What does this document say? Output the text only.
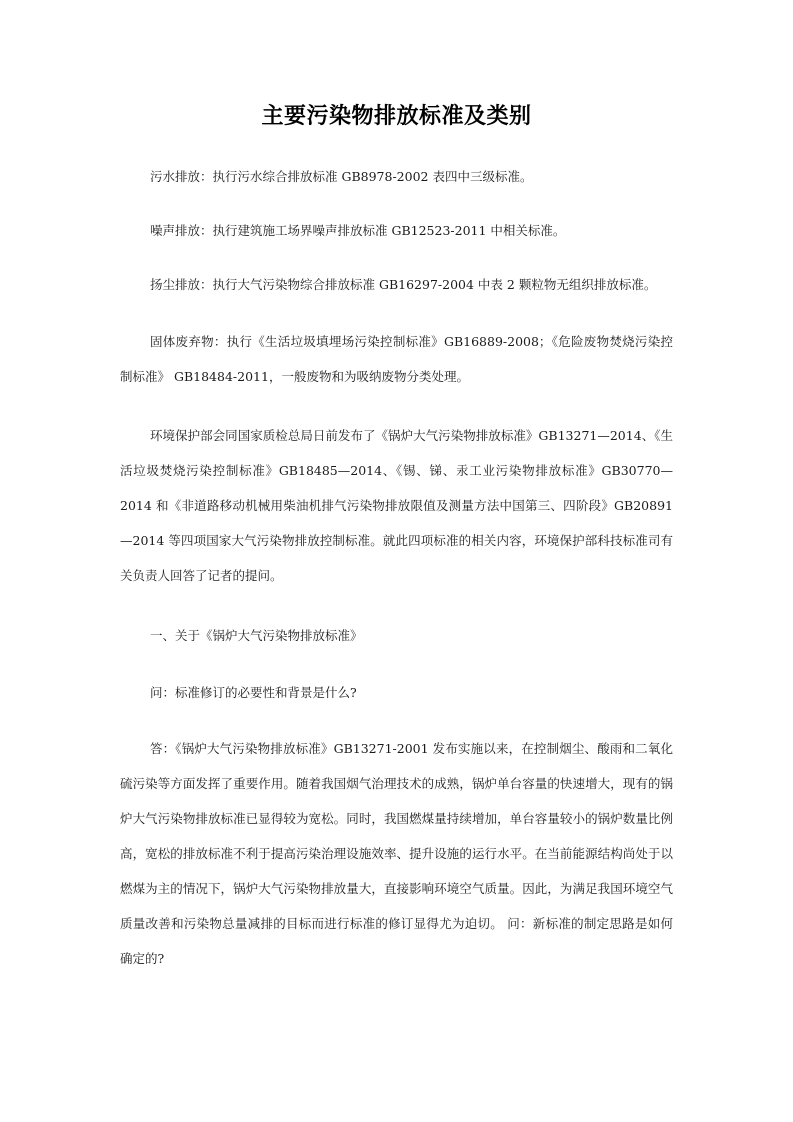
主要污染物排放标准及类别

污水排放：执行污水综合排放标准 GB8978-2002 表四中三级标准。

噪声排放：执行建筑施工场界噪声排放标准 GB12523-2011 中相关标准。

扬尘排放：执行大气污染物综合排放标准 GB16297-2004 中表 2 颗粒物无组织排放标准。

固体废弃物：执行《生活垃圾填埋场污染控制标准》GB16889-2008；《危险废物焚烧污染控制标准》 GB18484-2011，一般废物和为吸纳废物分类处理。

环境保护部会同国家质检总局日前发布了《锅炉大气污染物排放标准》GB13271—2014、《生活垃圾焚烧污染控制标准》GB18485—2014、《锡、锑、汞工业污染物排放标准》GB30770—2014 和《非道路移动机械用柴油机排气污染物排放限值及测量方法中国第三、四阶段》GB20891—2014 等四项国家大气污染物排放控制标准。就此四项标准的相关内容，环境保护部科技标准司有关负责人回答了记者的提问。

一、关于《锅炉大气污染物排放标准》

问：标准修订的必要性和背景是什么?

答：《锅炉大气污染物排放标准》GB13271-2001 发布实施以来，在控制烟尘、酸雨和二氧化硫污染等方面发挥了重要作用。随着我国烟气治理技术的成熟，锅炉单台容量的快速增大，现有的锅炉大气污染物排放标准已显得较为宽松。同时，我国燃煤量持续增加，单台容量较小的锅炉数量比例高，宽松的排放标准不利于提高污染治理设施效率、提升设施的运行水平。在当前能源结构尚处于以燃煤为主的情况下，锅炉大气污染物排放量大，直接影响环境空气质量。因此，为满足我国环境空气质量改善和污染物总量减排的目标而进行标准的修订显得尤为迫切。 问：新标准的制定思路是如何确定的?
